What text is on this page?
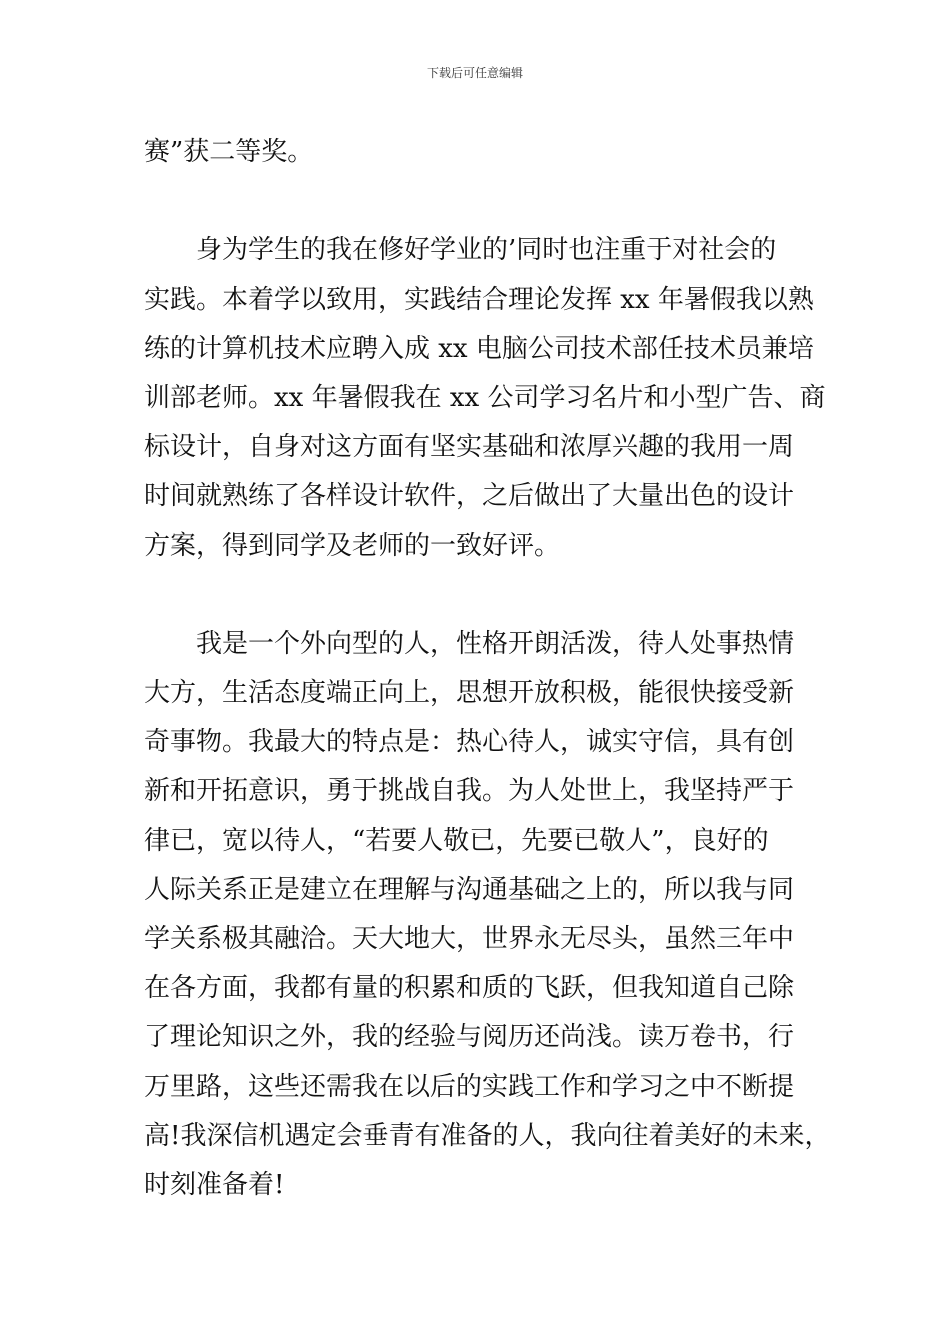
下载后可任意编辑
赛”获二等奖。
身为学生的我在修好学业的’同时也注重于对社会的
实践。本着学以致用，实践结合理论发挥 xx 年暑假我以熟
练的计算机技术应聘入成 xx 电脑公司技术部任技术员兼培
训部老师。xx 年暑假我在 xx 公司学习名片和小型广告、商
标设计，自身对这方面有坚实基础和浓厚兴趣的我用一周
时间就熟练了各样设计软件，之后做出了大量出色的设计
方案，得到同学及老师的一致好评。
我是一个外向型的人，性格开朗活泼，待人处事热情
大方，生活态度端正向上，思想开放积极，能很快接受新
奇事物。我最大的特点是：热心待人，诚实守信，具有创
新和开拓意识，勇于挑战自我。为人处世上，我坚持严于
律已，宽以待人，“若要人敬已，先要已敬人”，良好的
人际关系正是建立在理解与沟通基础之上的，所以我与同
学关系极其融洽。天大地大，世界永无尽头，虽然三年中
在各方面，我都有量的积累和质的飞跃，但我知道自己除
了理论知识之外，我的经验与阅历还尚浅。读万卷书，行
万里路，这些还需我在以后的实践工作和学习之中不断提
高!我深信机遇定会垂青有准备的人，我向往着美好的未来，
时刻准备着!
